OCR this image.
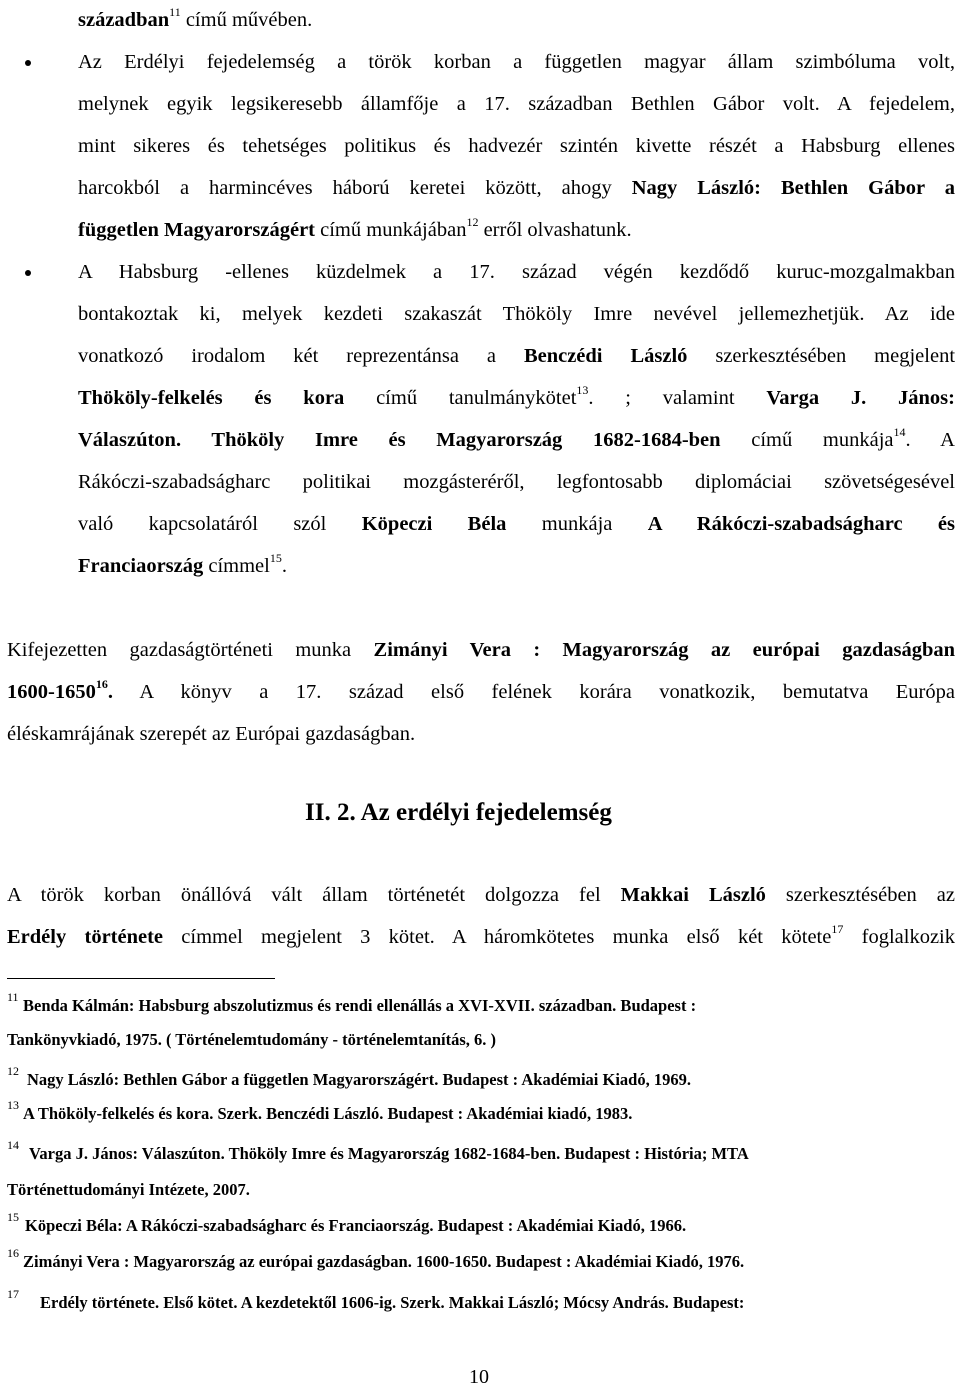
században$^{11}$ című művében.
Az Erdélyi fejedelemség a török korban a független magyar állam szimbóluma volt,
melynek egyik legsikeresebb államfője a 17. században Bethlen Gábor volt. A fejedelem,
mint sikeres és tehetséges politikus és hadvezér szintén kivette részét a Habsburg ellenes
harcokból a harmincéves háború keretei között, ahogy Nagy László: Bethlen Gábor a
független Magyarországért című munkájában$^{12}$ erről olvashatunk.
A Habsburg -ellenes küzdelmek a 17. század végén kezdődő kuruc-mozgalmakban
bontakoztak ki, melyek kezdeti szakaszát Thököly Imre nevével jellemezhetjük. Az ide
vonatkozó irodalom két reprezentánsa a Benczédi László szerkesztésében megjelent
Thököly-felkelés és kora című tanulmánykötet$^{13}$. ; valamint Varga J. János:
Válaszúton. Thököly Imre és Magyarország 1682-1684-ben című munkája$^{14}$. A
Rákóczi-szabadságharc politikai mozgásteréről, legfontosabb diplomáciai szövetségesével
való kapcsolatáról szól Köpeczi Béla munkája A Rákóczi-szabadságharc és
Franciaország címmel$^{15}$.
Kifejezetten gazdaságtörténeti munka Zimányi Vera : Magyarország az európai gazdaságban
1600-1650$^{16}$. A könyv a 17. század első felének korára vonatkozik, bemutatva Európa
éléskamrájának szerepét az Európai gazdaságban.
II. 2. Az erdélyi fejedelemség
A török korban önállóvá vált állam történetét dolgozza fel Makkai László szerkesztésében az
Erdély története címmel megjelent 3 kötet. A háromkötetes munka első két kötete$^{17}$ foglalkozik
11 Benda Kálmán: Habsburg abszolutizmus és rendi ellenállás a XVI-XVII. században. Budapest :
Tankönyvkiadó, 1975. ( Történelemtudomány - történelemtanítás, 6. )
12 Nagy László: Bethlen Gábor a független Magyarországért. Budapest : Akadémiai Kiadó, 1969.
13 A Thököly-felkelés és kora. Szerk. Benczédi László. Budapest : Akadémiai kiadó, 1983.
14 Varga J. János: Válaszúton. Thököly Imre és Magyarország 1682-1684-ben. Budapest : História; MTA
Történettudományi Intézete, 2007.
15 Köpeczi Béla: A Rákóczi-szabadságharc és Franciaország. Budapest : Akadémiai Kiadó, 1966.
16 Zimányi Vera : Magyarország az európai gazdaságban. 1600-1650. Budapest : Akadémiai Kiadó, 1976.
17 Erdély története. Első kötet. A kezdetektől 1606-ig. Szerk. Makkai László; Mócsy András. Budapest:
10
